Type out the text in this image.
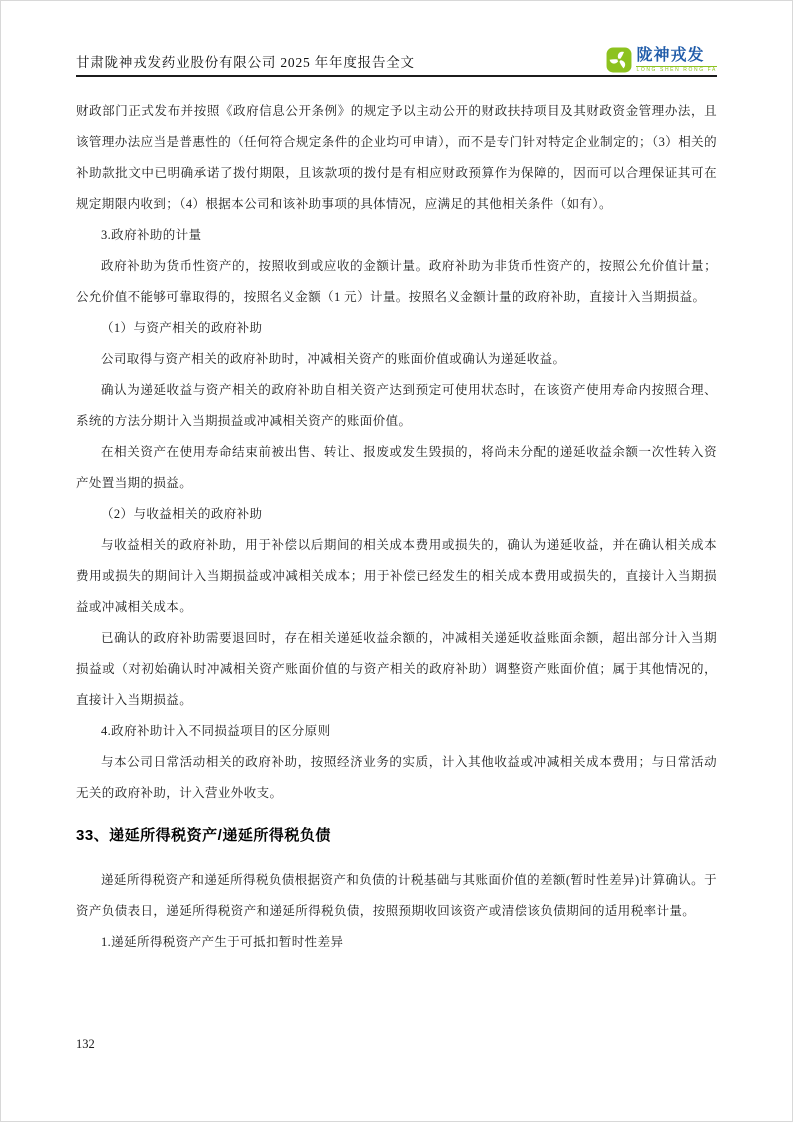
甘肃陇神戎发药业股份有限公司 2025 年年度报告全文	陇神戎发
LONG SHEN RONG FA
财政部门正式发布并按照《政府信息公开条例》的规定予以主动公开的财政扶持项目及其财政资金管理办法，且该管理办法应当是普惠性的（任何符合规定条件的企业均可申请），而不是专门针对特定企业制定的；（3）相关的补助款批文中已明确承诺了拨付期限，且该款项的拨付是有相应财政预算作为保障的，因而可以合理保证其可在规定期限内收到；（4）根据本公司和该补助事项的具体情况，应满足的其他相关条件（如有）。
3.政府补助的计量
政府补助为货币性资产的，按照收到或应收的金额计量。政府补助为非货币性资产的，按照公允价值计量；公允价值不能够可靠取得的，按照名义金额（1 元）计量。按照名义金额计量的政府补助，直接计入当期损益。
（1）与资产相关的政府补助
公司取得与资产相关的政府补助时，冲减相关资产的账面价值或确认为递延收益。
确认为递延收益与资产相关的政府补助自相关资产达到预定可使用状态时，在该资产使用寿命内按照合理、系统的方法分期计入当期损益或冲减相关资产的账面价值。
在相关资产在使用寿命结束前被出售、转让、报废或发生毁损的，将尚未分配的递延收益余额一次性转入资产处置当期的损益。
（2）与收益相关的政府补助
与收益相关的政府补助，用于补偿以后期间的相关成本费用或损失的，确认为递延收益，并在确认相关成本费用或损失的期间计入当期损益或冲减相关成本；用于补偿已经发生的相关成本费用或损失的，直接计入当期损益或冲减相关成本。
已确认的政府补助需要退回时，存在相关递延收益余额的，冲减相关递延收益账面余额，超出部分计入当期损益或（对初始确认时冲减相关资产账面价值的与资产相关的政府补助）调整资产账面价值；属于其他情况的，直接计入当期损益。
4.政府补助计入不同损益项目的区分原则
与本公司日常活动相关的政府补助，按照经济业务的实质，计入其他收益或冲减相关成本费用；与日常活动无关的政府补助，计入营业外收支。
33、递延所得税资产/递延所得税负债
递延所得税资产和递延所得税负债根据资产和负债的计税基础与其账面价值的差额(暂时性差异)计算确认。于资产负债表日，递延所得税资产和递延所得税负债，按照预期收回该资产或清偿该负债期间的适用税率计量。
1.递延所得税资产产生于可抵扣暂时性差异
132
